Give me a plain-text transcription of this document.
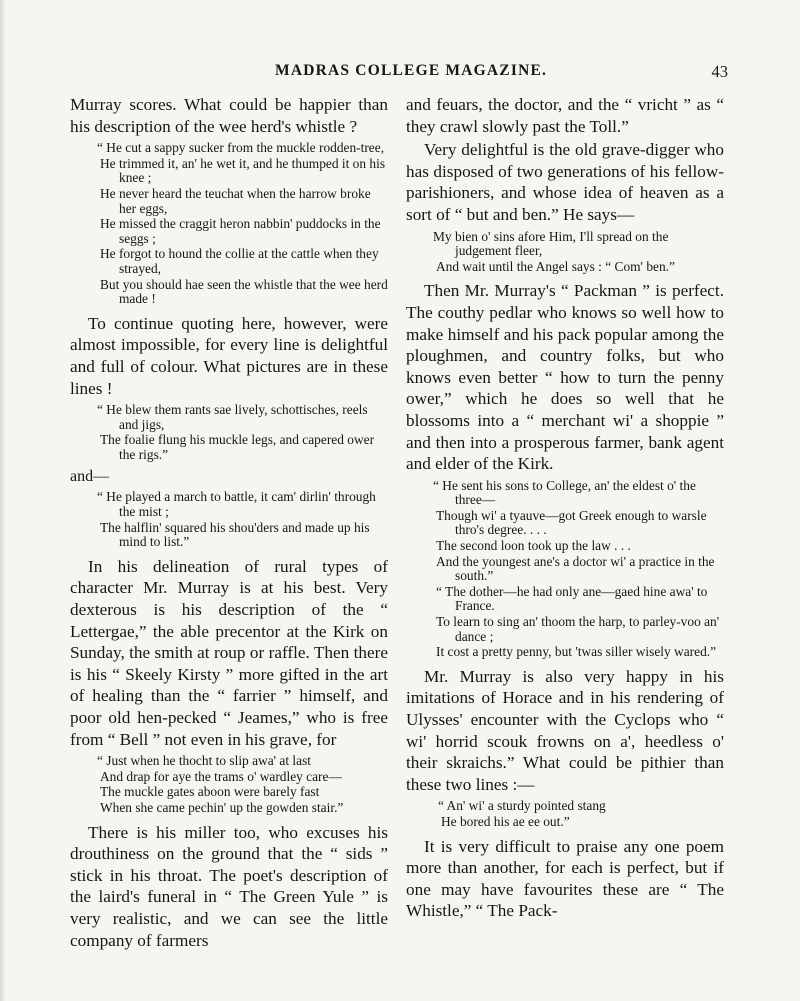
MADRAS COLLEGE MAGAZINE.	43

Murray scores. What could be happier than his description of the wee herd's whistle ?

“ He cut a sappy sucker from the muckle rodden-tree,
He trimmed it, an' he wet it, and he thumped it on his knee ;
He never heard the teuchat when the harrow broke her eggs,
He missed the craggit heron nabbin' puddocks in the seggs ;
He forgot to hound the collie at the cattle when they strayed,
But you should hae seen the whistle that the wee herd made !

To continue quoting here, however, were almost impossible, for every line is delightful and full of colour. What pictures are in these lines !

“ He blew them rants sae lively, schottisches, reels and jigs,
The foalie flung his muckle legs, and capered ower the rigs.”
and—
“ He played a march to battle, it cam' dirlin' through the mist ;
The halflin' squared his shou'ders and made up his mind to list.”

In his delineation of rural types of character Mr. Murray is at his best. Very dexterous is his description of the “ Lettergae,” the able precentor at the Kirk on Sunday, the smith at roup or raffle. Then there is his “ Skeely Kirsty ” more gifted in the art of healing than the “ farrier ” himself, and poor old hen-pecked “ Jeames,” who is free from “ Bell ” not even in his grave, for

“ Just when he thocht to slip awa' at last
And drap for aye the trams o' wardley care—
The muckle gates aboon were barely fast
When she came pechin' up the gowden stair.”

There is his miller too, who excuses his drouthiness on the ground that the “ sids ” stick in his throat. The poet's description of the laird's funeral in “ The Green Yule ” is very realistic, and we can see the little company of farmers

and feuars, the doctor, and the “ vricht ” as “ they crawl slowly past the Toll.”

Very delightful is the old grave-digger who has disposed of two generations of his fellow-parishioners, and whose idea of heaven as a sort of “ but and ben.” He says—

My bien o' sins afore Him, I'll spread on the judgement fleer,
And wait until the Angel says : “ Com' ben.”

Then Mr. Murray's “ Packman ” is perfect. The couthy pedlar who knows so well how to make himself and his pack popular among the ploughmen, and country folks, but who knows even better “ how to turn the penny ower,” which he does so well that he blossoms into a “ merchant wi' a shoppie ” and then into a prosperous farmer, bank agent and elder of the Kirk.

“ He sent his sons to College, an' the eldest o' the three—
Though wi' a tyauve—got Greek enough to warsle thro's degree. . . .
The second loon took up the law . . .
And the youngest ane's a doctor wi' a practice in the south.”
“ The dother—he had only ane—gaed hine awa' to France.
To learn to sing an' thoom the harp, to parley-voo an' dance ;
It cost a pretty penny, but 'twas siller wisely wared.”

Mr. Murray is also very happy in his imitations of Horace and in his rendering of Ulysses' encounter with the Cyclops who “ wi' horrid scouk frowns on a', heedless o' their skraichs.” What could be pithier than these two lines :—

“ An' wi' a sturdy pointed stang
He bored his ae ee out.”

It is very difficult to praise any one poem more than another, for each is perfect, but if one may have favourites these are “ The Whistle,” “ The Pack-
